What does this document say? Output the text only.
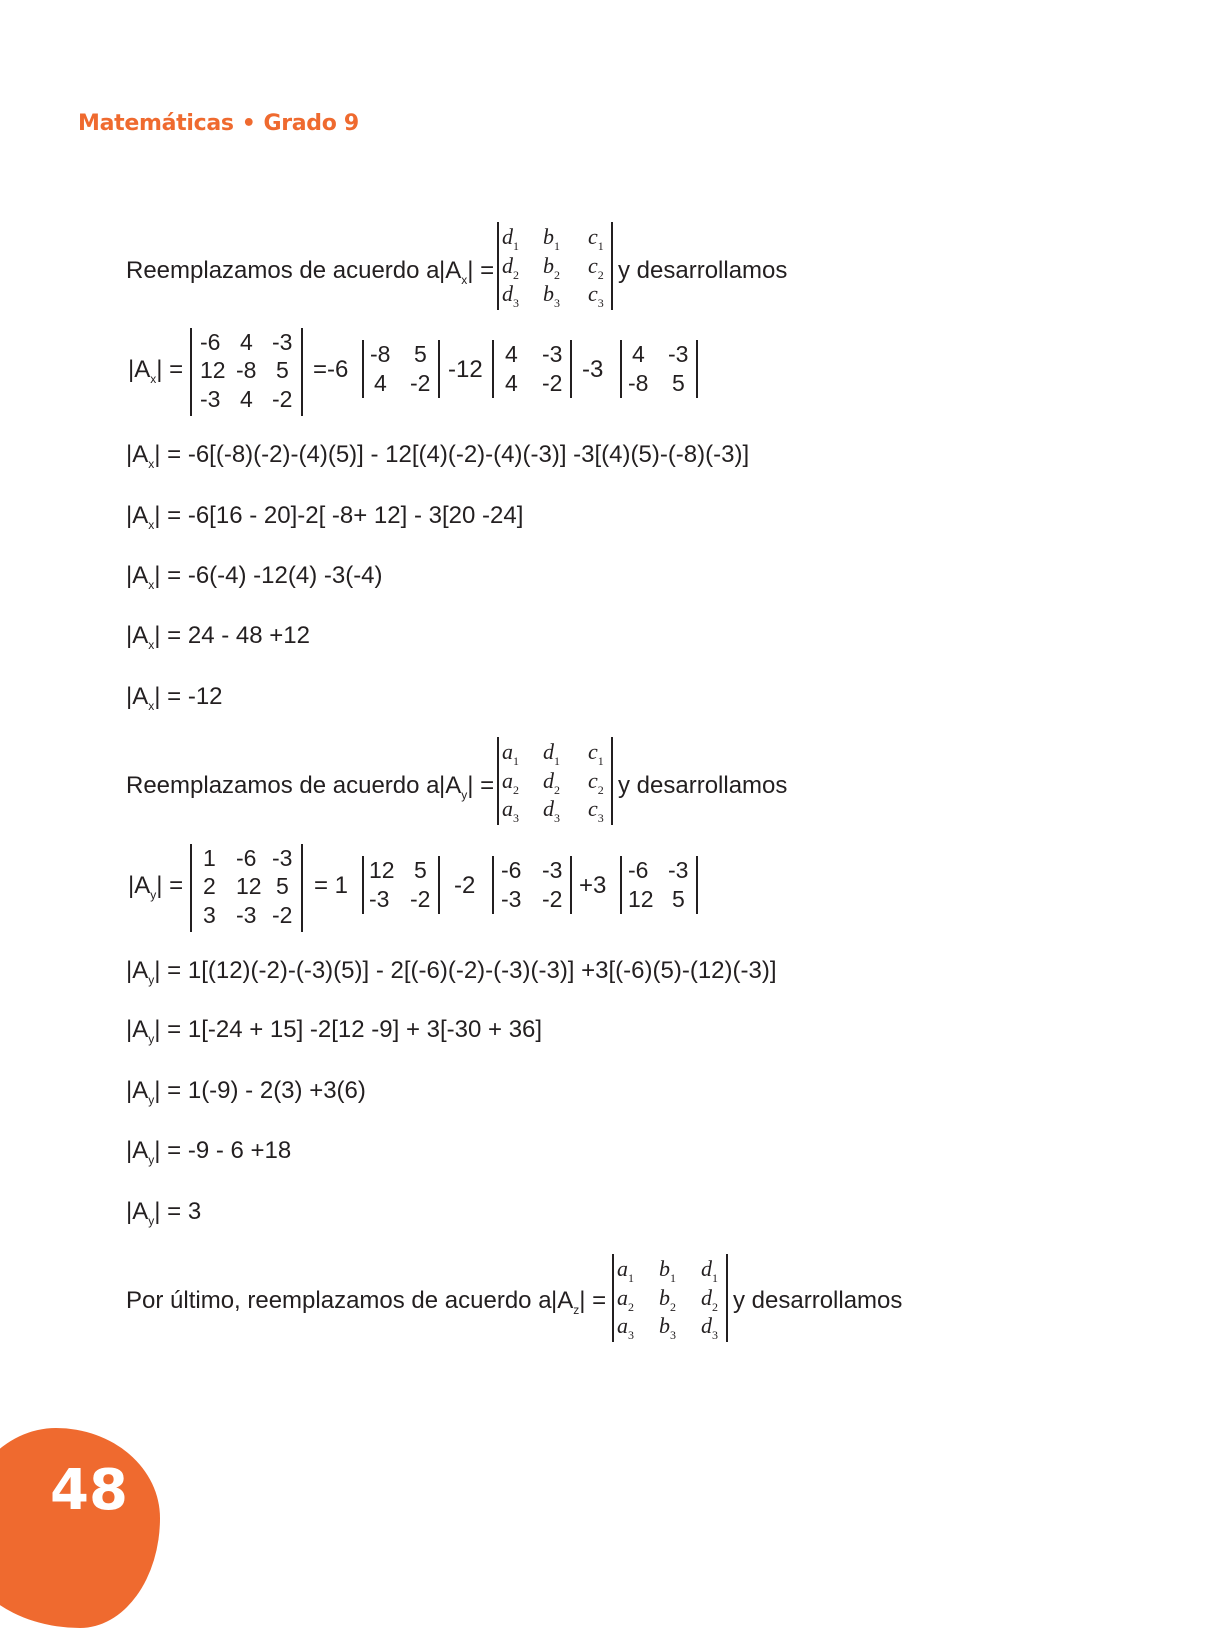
Matemáticas • Grado 9
Reemplazamos de acuerdo a $|A_x|$ =
$d_1$ $b_1$ $c_1$
$d_2$ $b_2$ $c_2$
$d_3$ $b_3$ $c_3$
y desarrollamos
$|A_x|$ =
-6 4 -3
12 -8 5
-3 4 -2
=-6
-8 5
4 -2 -12
4 -3
4 -2 -3
4 -3
-8 5
$|A_x| = -6[(-8)(-2)-(4)(5)] - 12[(4)(-2)-(4)(-3)]$ -3[(4)(5)-(-8)(-3)]
$|A_x| = -6[16 - 20]-2$[ -8+ 12] - 3[20 -24]
$|A_x| = -6(-4)$ -12(4) -3(-4)
$|A_x| = 24 - 48 +12$
$|A_x| = -12$
Reemplazamos de acuerdo a $|A_y|$ =
$a_1$ $d_1$ $c_1$
$a_2$ $d_2$ $c_2$
$a_3$ $d_3$ $c_3$
y desarrollamos
$|A_y|$ =
1 -6 -3
2 12 5
3 -3 -2
= 1
12 5
-3 -2 -2
-6 -3
-3 -2 +3
-6 -3
12 5
$|A_y| = 1[(12)(-2)-(-3)(5)] - 2[(-6)(-2)-(-3)(-3)] +3[(-6)(5)-(12)(-3)]$
$|A_y| = 1[-24 + 15]$ -2[12 -9] + 3[-30 + 36]
$|A_y| = 1(-9) - 2(3) +3(6)$
$|A_y| = -9 - 6 +18$
$|A_y| = 3$
Por último, reemplazamos de acuerdo a $|A_z|$ =
$a_1$ $b_1$ $d_1$
$a_2$ $b_2$ $d_2$
$a_3$ $b_3$ $d_3$
y desarrollamos
48
